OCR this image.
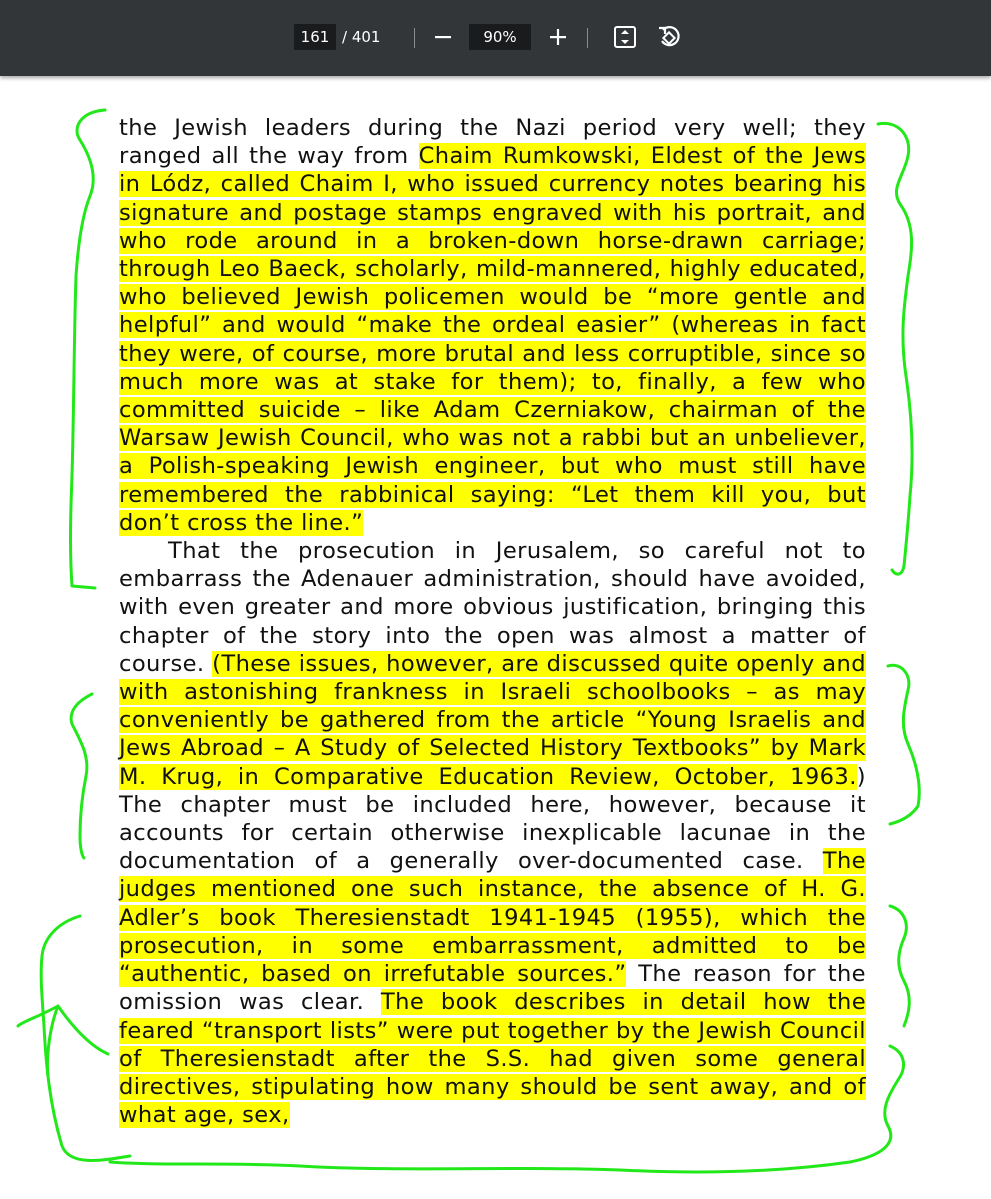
161 / 401	90%

the Jewish leaders during the Nazi period very well; they ranged all the way from Chaim Rumkowski, Eldest of the Jews in Lódz, called Chaim I, who issued currency notes bearing his signature and postage stamps engraved with his portrait, and who rode around in a broken-down horse-drawn carriage; through Leo Baeck, scholarly, mild-mannered, highly educated, who believed Jewish policemen would be “more gentle and helpful” and would “make the ordeal easier” (whereas in fact they were, of course, more brutal and less corruptible, since so much more was at stake for them); to, finally, a few who committed suicide – like Adam Czerniakow, chairman of the Warsaw Jewish Council, who was not a rabbi but an unbeliever, a Polish-speaking Jewish engineer, but who must still have remembered the rabbinical saying: “Let them kill you, but don’t cross the line.”

That the prosecution in Jerusalem, so careful not to embarrass the Adenauer administration, should have avoided, with even greater and more obvious justification, bringing this chapter of the story into the open was almost a matter of course. (These issues, however, are discussed quite openly and with astonishing frankness in Israeli schoolbooks – as may conveniently be gathered from the article “Young Israelis and Jews Abroad – A Study of Selected History Textbooks” by Mark M. Krug, in Comparative Education Review, October, 1963.) The chapter must be included here, however, because it accounts for certain otherwise inexplicable lacunae in the documentation of a generally over-documented case. The judges mentioned one such instance, the absence of H. G. Adler’s book Theresienstadt 1941-1945 (1955), which the prosecution, in some embarrassment, admitted to be “authentic, based on irrefutable sources.” The reason for the omission was clear. The book describes in detail how the feared “transport lists” were put together by the Jewish Council of Theresienstadt after the S.S. had given some general directives, stipulating how many should be sent away, and of what age, sex,
